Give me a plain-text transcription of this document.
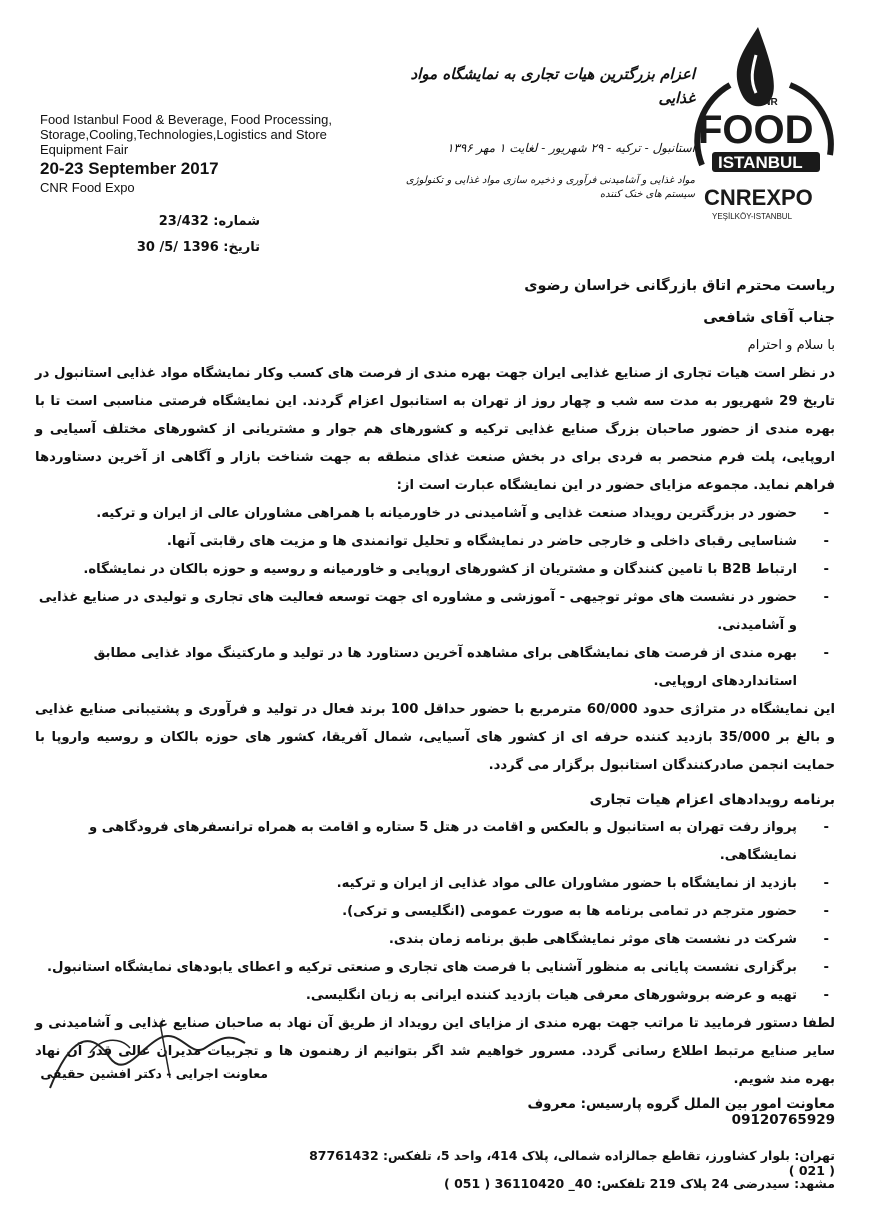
Food Istanbul Food & Beverage, Food Processing, Storage,Cooling,Technologies,Logistics and Store Equipment Fair
20-23 September 2017
CNR Food Expo
شماره: 23/432
تاریخ: 1396 /5/ 30
اعزام بزرگترین هیات تجاری به نمایشگاه مواد غذایی
استانبول - ترکیه - ۲۹ شهریور - لغایت ۱ مهر ۱۳۹۶
مواد غذایی و آشامیدنی فرآوری و ذخیره سازی مواد غذایی و تکنولوژی سیستم های خنک کننده
CNR
FOOD
ISTANBUL
CNREXPO
YEŞİLKÖY-ISTANBUL

ریاست محترم اتاق بازرگانی خراسان رضوی

جناب آقای شافعی

با سلام و احترام

در نظر است هیات تجاری از صنایع غذایی ایران جهت بهره مندی از فرصت های کسب وکار نمایشگاه مواد غذایی استانبول در تاریخ 29 شهریور به مدت سه شب و چهار روز از تهران به استانبول اعزام گردند. این نمایشگاه فرصتی مناسبی است تا با بهره مندی از حضور صاحبان بزرگ صنایع غذایی ترکیه و کشورهای هم جوار و مشتریانی از کشورهای مختلف آسیایی و اروپایی، پلت فرم منحصر به فردی برای در بخش صنعت غذای منطقه به جهت شناخت بازار و آگاهی از آخرین دستاوردها فراهم نماید. مجموعه مزایای حضور در این نمایشگاه عبارت است از:

-
حضور در بزرگترین رویداد صنعت غذایی و آشامیدنی در خاورمیانه با همراهی مشاوران عالی از ایران و ترکیه.

-
شناسایی رقبای داخلی و خارجی حاضر در نمایشگاه و تحلیل توانمندی ها و مزیت های رقابتی آنها.

-
ارتباط B2B با تامین کنندگان و مشتریان از کشورهای اروپایی و خاورمیانه و روسیه و حوزه بالکان در نمایشگاه.

-
حضور در نشست های موثر توجیهی - آموزشی و مشاوره ای جهت توسعه فعالیت های تجاری و تولیدی در صنایع غذایی و آشامیدنی.

-
بهره مندی از فرصت های نمایشگاهی برای مشاهده آخرین دستاورد ها در تولید و مارکتینگ مواد غذایی مطابق استانداردهای اروپایی.

این نمایشگاه در متراژی حدود 60/000 مترمربع با حضور حداقل 100 برند فعال در تولید و فرآوری و پشتیبانی صنایع غذایی و بالغ بر 35/000 بازدید کننده حرفه ای از کشور های آسیایی، شمال آفریقا، کشور های حوزه بالکان و روسیه واروپا با حمایت انجمن صادرکنندگان استانبول برگزار می گردد.

برنامه رویدادهای اعزام هیات تجاری

-
پرواز رفت تهران به استانبول و بالعکس و اقامت در هتل 5 ستاره و اقامت به همراه ترانسفرهای فرودگاهی و نمایشگاهی.

-
بازدید از نمایشگاه با حضور مشاوران عالی مواد غذایی از ایران و ترکیه.

-
حضور مترجم در تمامی برنامه ها به صورت عمومی (انگلیسی و ترکی).

-
شرکت در نشست های موثر نمایشگاهی طبق برنامه زمان بندی.

-
برگزاری نشست پایانی به منظور آشنایی با فرصت های تجاری و صنعتی ترکیه و اعطای یابودهای نمایشگاه استانبول.

-
تهیه و عرضه بروشورهای معرفی هیات بازدید کننده ایرانی به زبان انگلیسی.

لطفا دستور فرمایید تا مراتب جهت بهره مندی از مزایای این رویداد از طریق آن نهاد به صاحبان صنایع غذایی و آشامیدنی و سایر صنایع مرتبط اطلاع رسانی گردد. مسرور خواهیم شد اگر بتوانیم از رهنمون ها و تجربیات مدیران عالی قدر آن نهاد بهره مند شویم.

معاونت اجرایی - دکتر افشین حقیقی
معاونت امور بین الملل گروه پارسیس: معروف 09120765929
تهران: بلوار کشاورز، تقاطع جمالزاده شمالی، پلاک 414، واحد 5، تلفکس: 87761432 ( 021 )
مشهد: سیدرضی 24 پلاک 219 تلفکس: 40_ 36110420 ( 051 )
